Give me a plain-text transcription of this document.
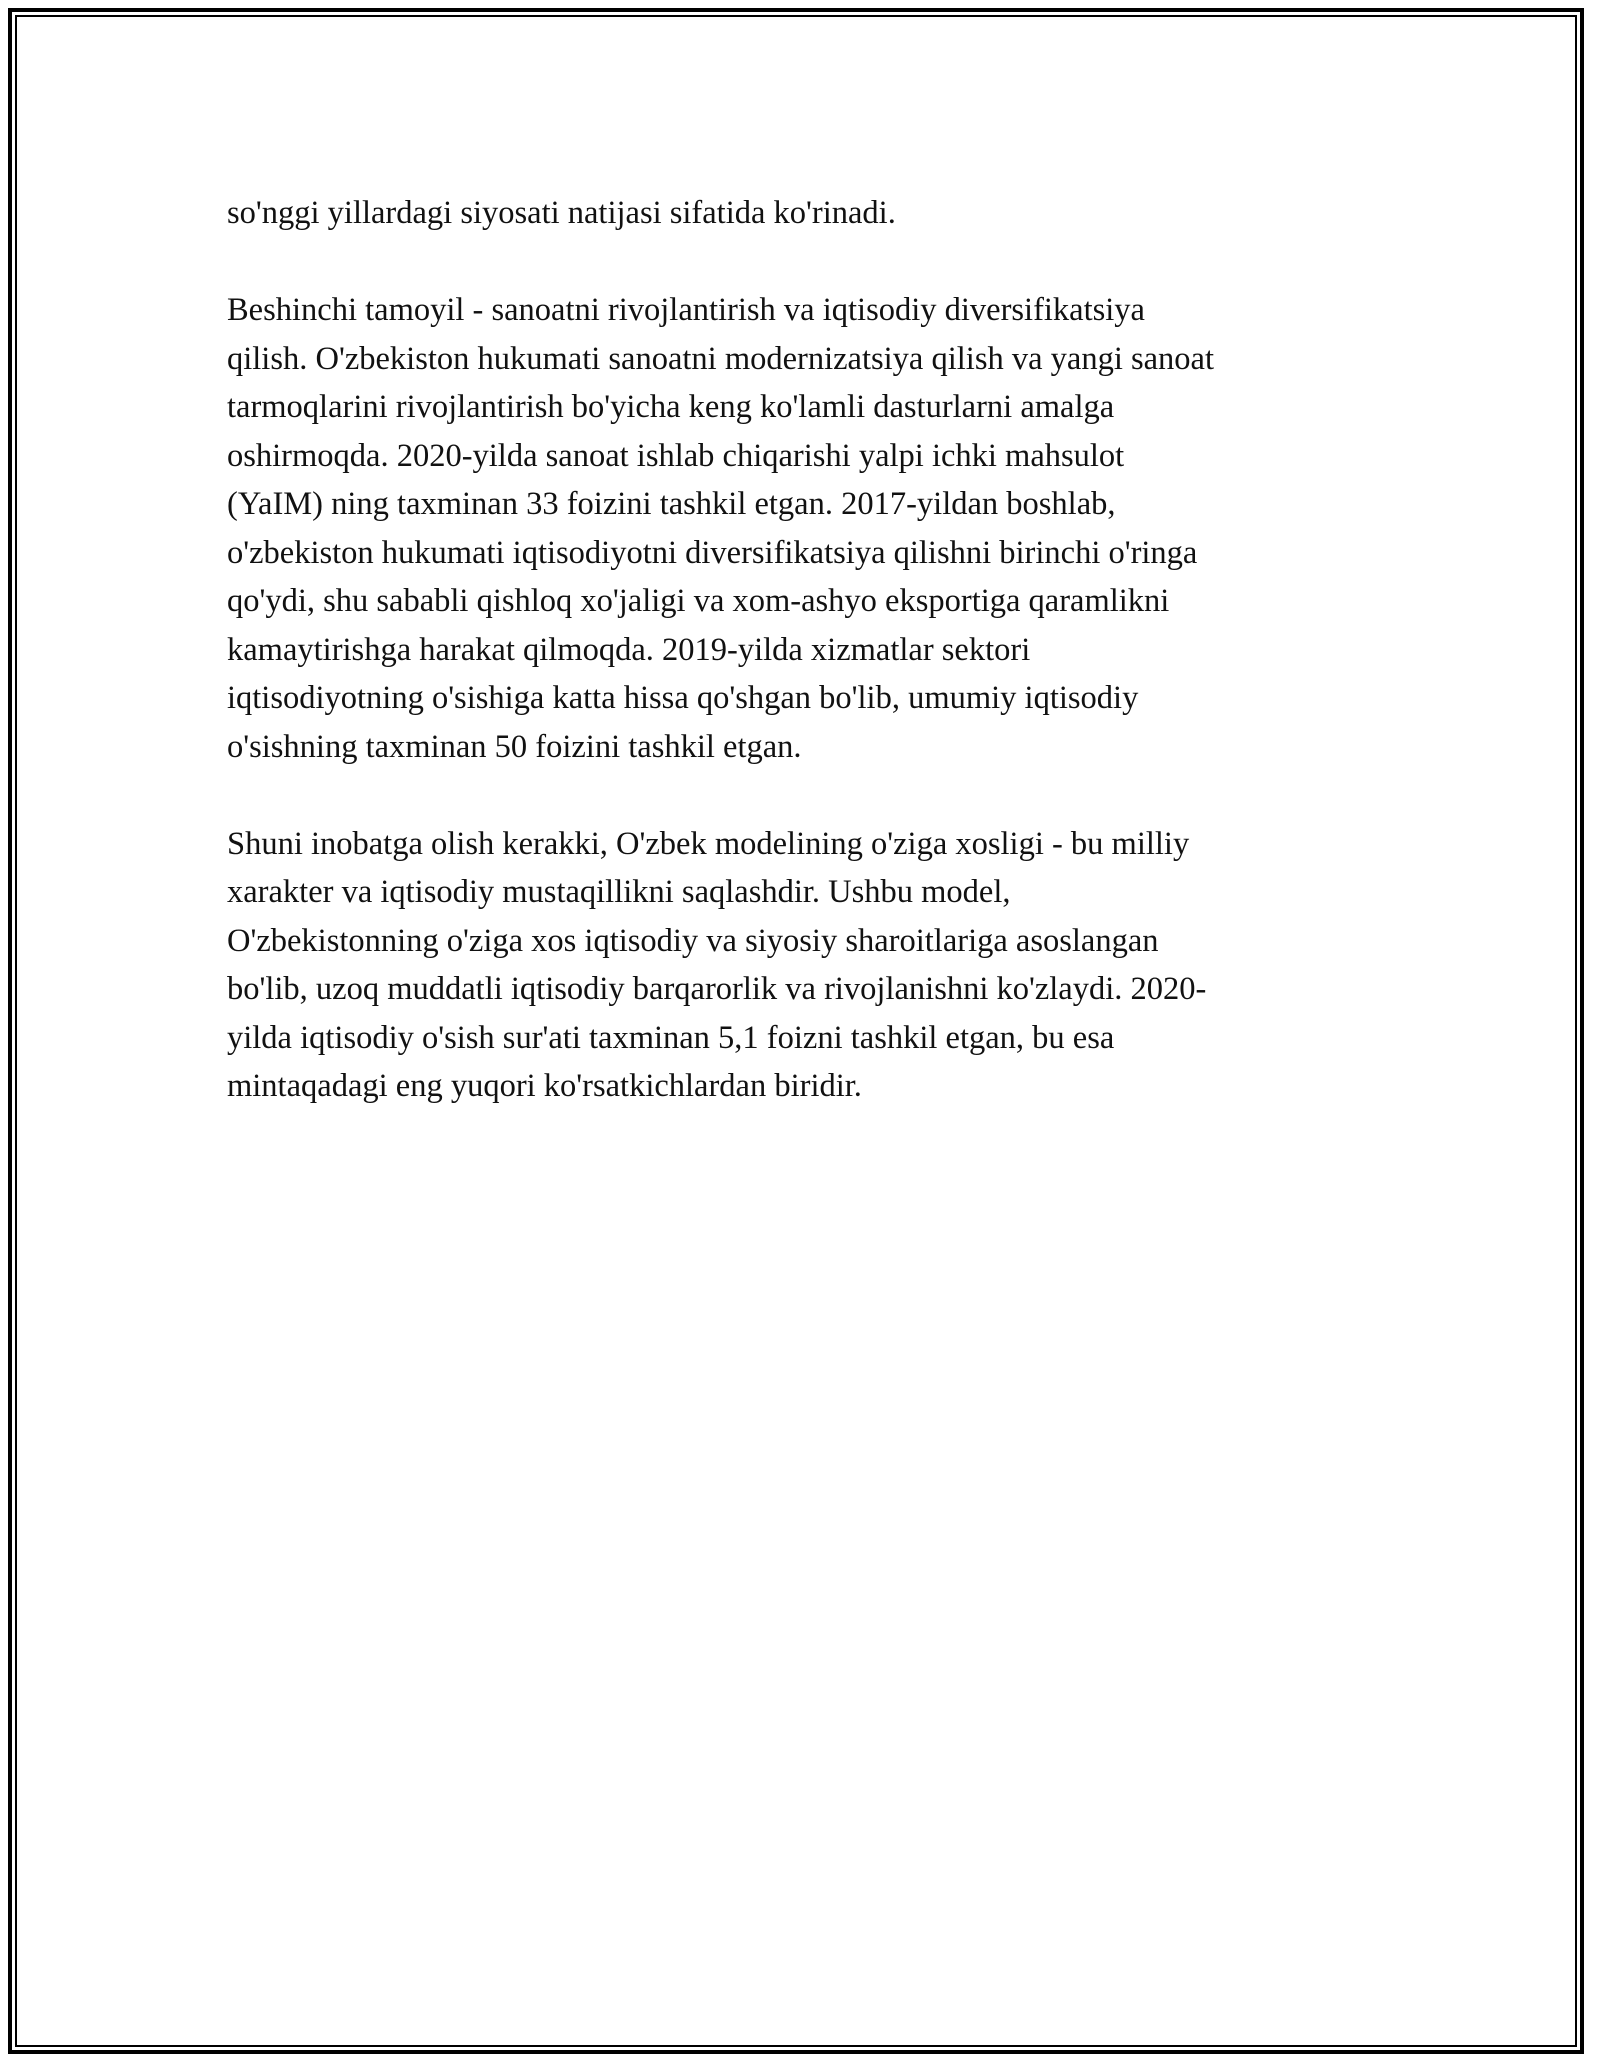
so'nggi yillardagi siyosati natijasi sifatida ko'rinadi.
Beshinchi tamoyil - sanoatni rivojlantirish va iqtisodiy diversifikatsiya
qilish. O'zbekiston hukumati sanoatni modernizatsiya qilish va yangi sanoat
tarmoqlarini rivojlantirish bo'yicha keng ko'lamli dasturlarni amalga
oshirmoqda. 2020-yilda sanoat ishlab chiqarishi yalpi ichki mahsulot
(YaIM) ning taxminan 33 foizini tashkil etgan. 2017-yildan boshlab,
o'zbekiston hukumati iqtisodiyotni diversifikatsiya qilishni birinchi o'ringa
qo'ydi, shu sababli qishloq xo'jaligi va xom-ashyo eksportiga qaramlikni
kamaytirishga harakat qilmoqda. 2019-yilda xizmatlar sektori
iqtisodiyotning o'sishiga katta hissa qo'shgan bo'lib, umumiy iqtisodiy
o'sishning taxminan 50 foizini tashkil etgan.
Shuni inobatga olish kerakki, O'zbek modelining o'ziga xosligi - bu milliy
xarakter va iqtisodiy mustaqillikni saqlashdir. Ushbu model,
O'zbekistonning o'ziga xos iqtisodiy va siyosiy sharoitlariga asoslangan
bo'lib, uzoq muddatli iqtisodiy barqarorlik va rivojlanishni ko'zlaydi. 2020-
yilda iqtisodiy o'sish sur'ati taxminan 5,1 foizni tashkil etgan, bu esa
mintaqadagi eng yuqori ko'rsatkichlardan biridir.
